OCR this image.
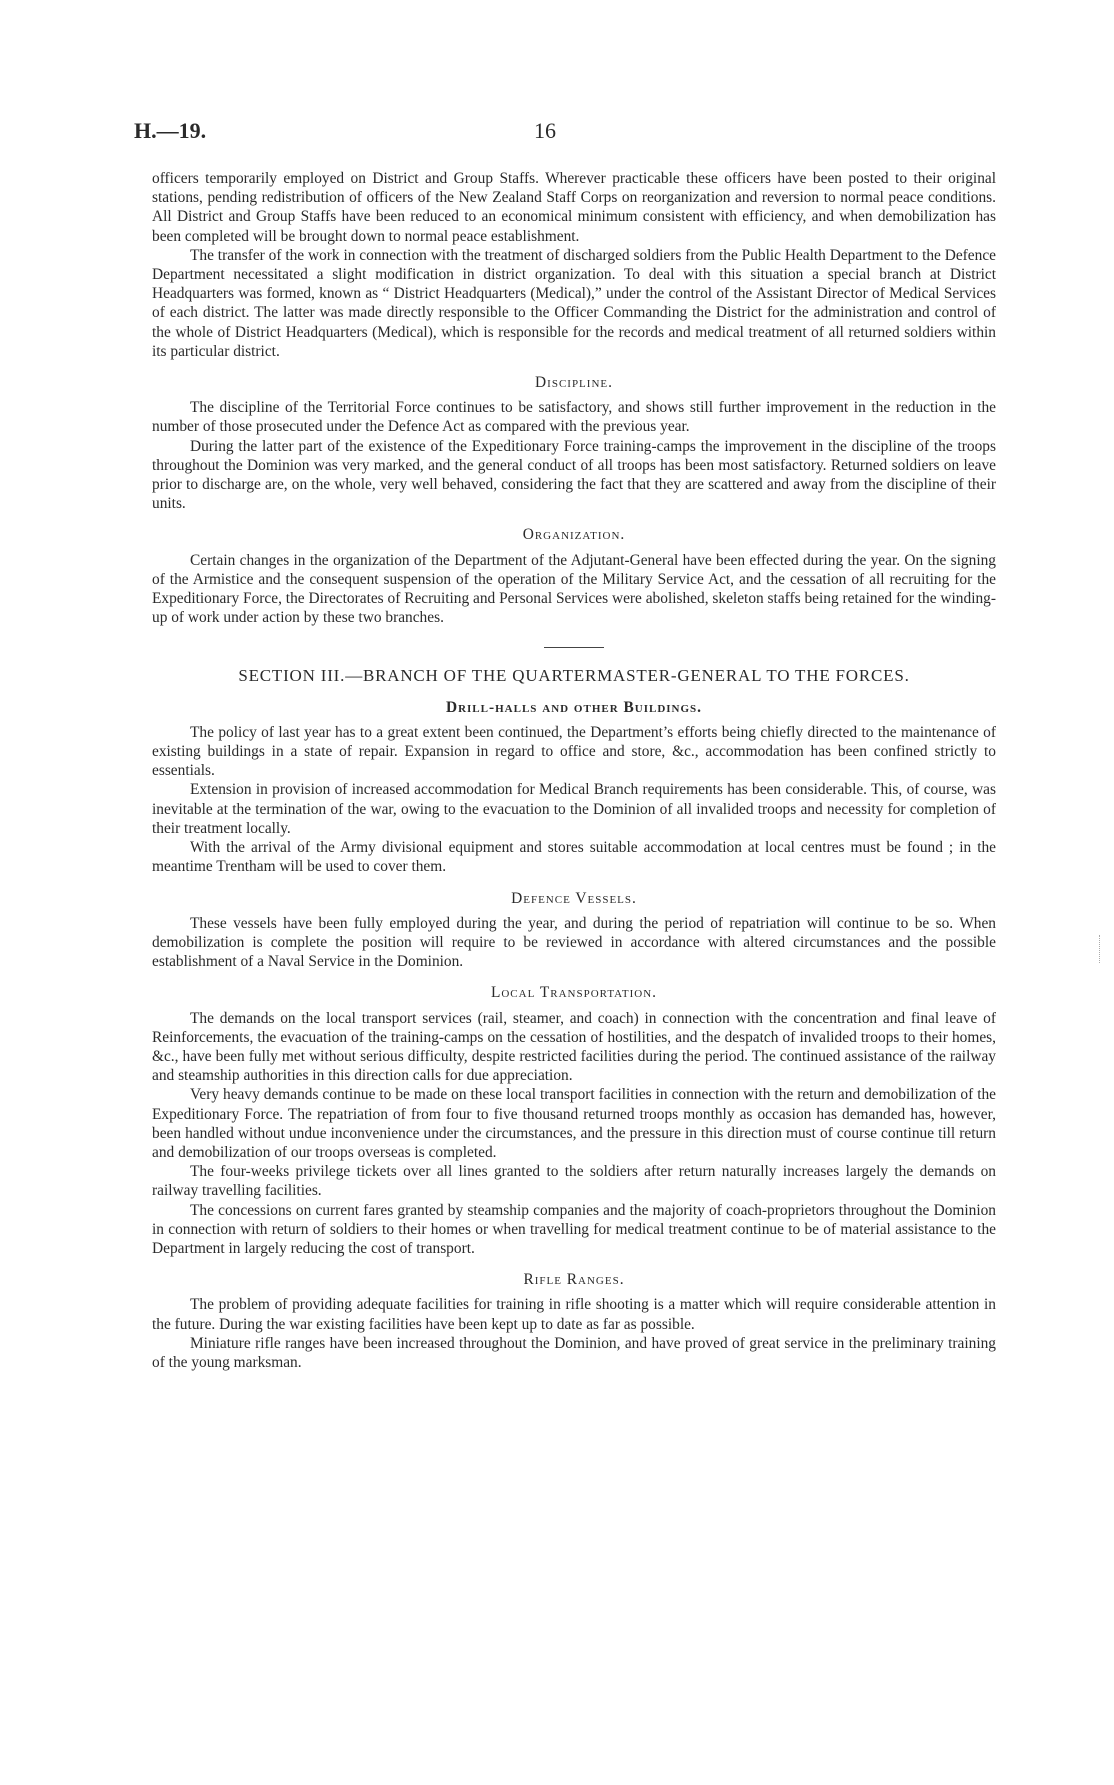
H.—19.	16

officers temporarily employed on District and Group Staffs. Wherever practicable these officers have been posted to their original stations, pending redistribution of officers of the New Zealand Staff Corps on reorganization and reversion to normal peace conditions. All District and Group Staffs have been reduced to an economical minimum consistent with efficiency, and when demobilization has been completed will be brought down to normal peace establishment.

The transfer of the work in connection with the treatment of discharged soldiers from the Public Health Department to the Defence Department necessitated a slight modification in district organization. To deal with this situation a special branch at District Headquarters was formed, known as “ District Headquarters (Medical),” under the control of the Assistant Director of Medical Services of each district. The latter was made directly responsible to the Officer Commanding the District for the administration and control of the whole of District Headquarters (Medical), which is responsible for the records and medical treatment of all returned soldiers within its particular district.

Discipline.

The discipline of the Territorial Force continues to be satisfactory, and shows still further improvement in the reduction in the number of those prosecuted under the Defence Act as compared with the previous year.

During the latter part of the existence of the Expeditionary Force training-camps the improvement in the discipline of the troops throughout the Dominion was very marked, and the general conduct of all troops has been most satisfactory. Returned soldiers on leave prior to discharge are, on the whole, very well behaved, considering the fact that they are scattered and away from the discipline of their units.

Organization.

Certain changes in the organization of the Department of the Adjutant-General have been effected during the year. On the signing of the Armistice and the consequent suspension of the operation of the Military Service Act, and the cessation of all recruiting for the Expeditionary Force, the Directorates of Recruiting and Personal Services were abolished, skeleton staffs being retained for the winding-up of work under action by these two branches.

SECTION III.—BRANCH OF THE QUARTERMASTER-GENERAL TO THE FORCES.
Drill-halls and other Buildings.

The policy of last year has to a great extent been continued, the Department’s efforts being chiefly directed to the maintenance of existing buildings in a state of repair. Expansion in regard to office and store, &c., accommodation has been confined strictly to essentials.

Extension in provision of increased accommodation for Medical Branch requirements has been considerable. This, of course, was inevitable at the termination of the war, owing to the evacuation to the Dominion of all invalided troops and necessity for completion of their treatment locally.

With the arrival of the Army divisional equipment and stores suitable accommodation at local centres must be found ; in the meantime Trentham will be used to cover them.

Defence Vessels.

These vessels have been fully employed during the year, and during the period of repatriation will continue to be so. When demobilization is complete the position will require to be reviewed in accordance with altered circumstances and the possible establishment of a Naval Service in the Dominion.

Local Transportation.

The demands on the local transport services (rail, steamer, and coach) in connection with the concentration and final leave of Reinforcements, the evacuation of the training-camps on the cessation of hostilities, and the despatch of invalided troops to their homes, &c., have been fully met without serious difficulty, despite restricted facilities during the period. The continued assistance of the railway and steamship authorities in this direction calls for due appreciation.

Very heavy demands continue to be made on these local transport facilities in connection with the return and demobilization of the Expeditionary Force. The repatriation of from four to five thousand returned troops monthly as occasion has demanded has, however, been handled without undue inconvenience under the circumstances, and the pressure in this direction must of course continue till return and demobilization of our troops overseas is completed.

The four-weeks privilege tickets over all lines granted to the soldiers after return naturally increases largely the demands on railway travelling facilities.

The concessions on current fares granted by steamship companies and the majority of coach-proprietors throughout the Dominion in connection with return of soldiers to their homes or when travelling for medical treatment continue to be of material assistance to the Department in largely reducing the cost of transport.

Rifle Ranges.

The problem of providing adequate facilities for training in rifle shooting is a matter which will require considerable attention in the future. During the war existing facilities have been kept up to date as far as possible.

Miniature rifle ranges have been increased throughout the Dominion, and have proved of great service in the preliminary training of the young marksman.
